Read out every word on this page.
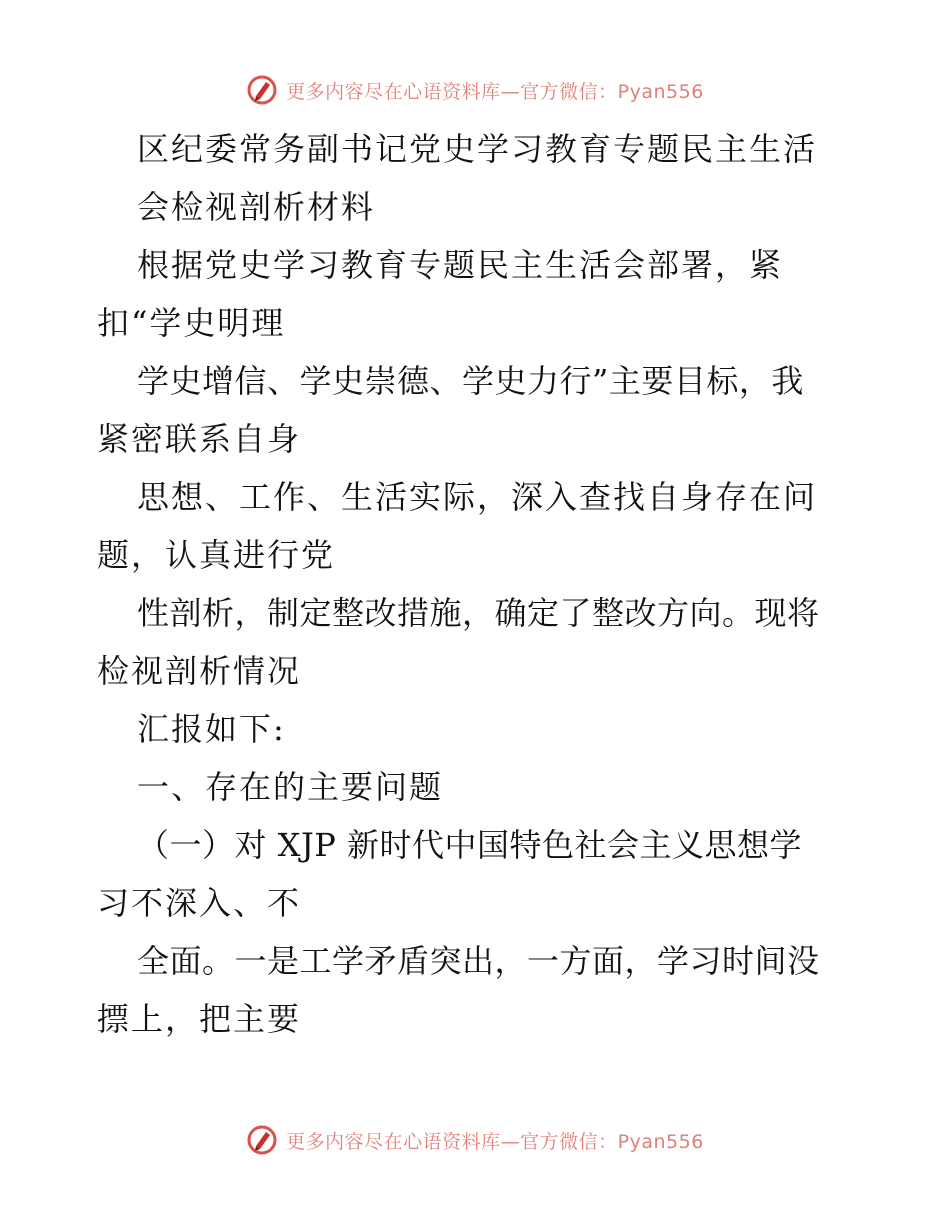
更多内容尽在心语资料库—官方微信：Pyan556
区纪委常务副书记党史学习教育专题民主生活
会检视剖析材料
根据党史学习教育专题民主生活会部署，紧
扣“学史明理
学史增信、学史崇德、学史力行”主要目标，我
紧密联系自身
思想、工作、生活实际，深入查找自身存在问
题，认真进行党
性剖析，制定整改措施，确定了整改方向。现将
检视剖析情况
汇报如下:
一、存在的主要问题
（一）对 XJP 新时代中国特色社会主义思想学
习不深入、不
全面。一是工学矛盾突出，一方面，学习时间没
摽上，把主要
更多内容尽在心语资料库—官方微信：Pyan556
